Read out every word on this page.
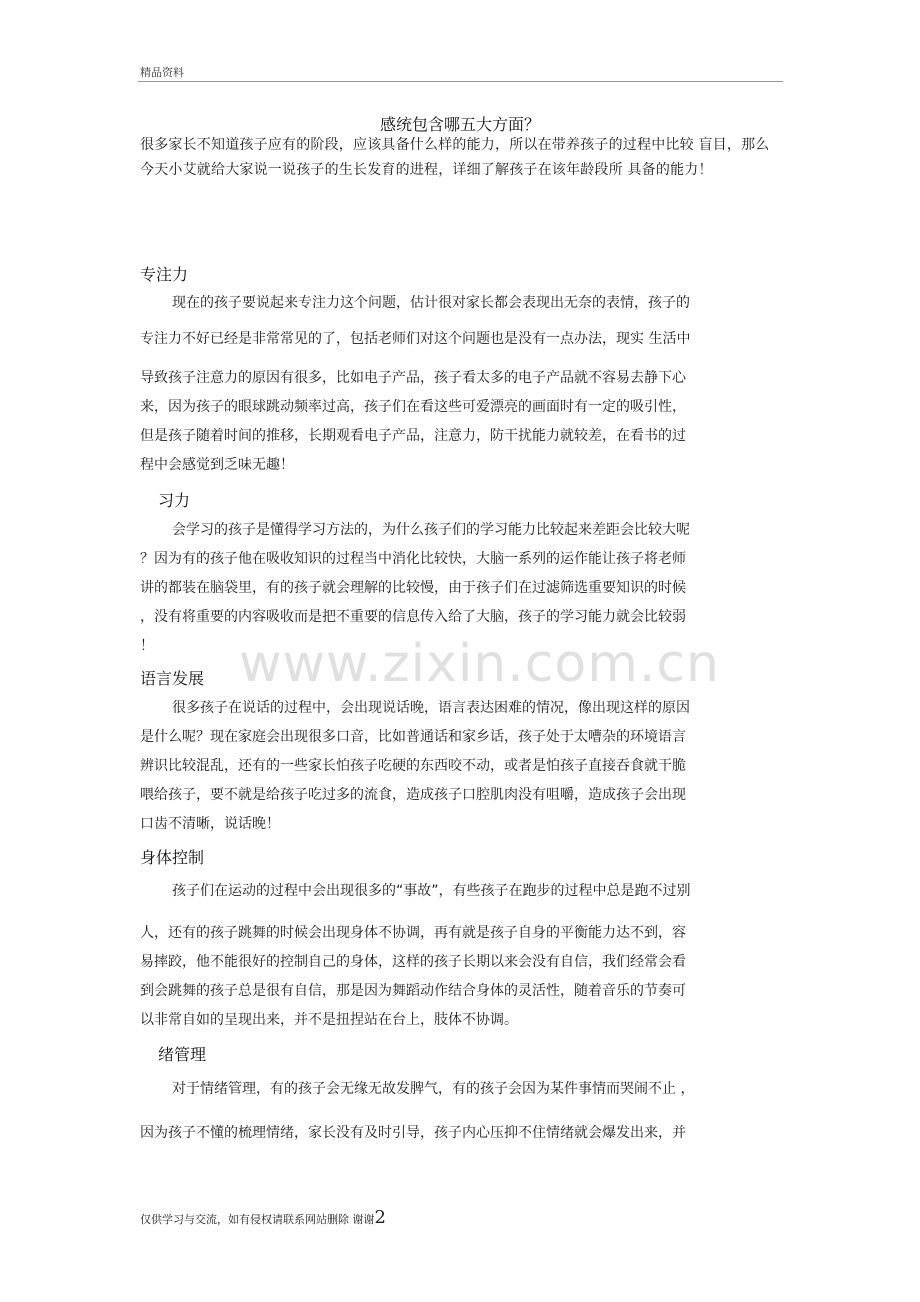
精品资料
感统包含哪五大方面？
很多家长不知道孩子应有的阶段，应该具备什么样的能力，所以在带养孩子的过程中比较 盲目，那么今天小艾就给大家说一说孩子的生长发育的进程，详细了解孩子在该年龄段所 具备的能力！
专注力
现在的孩子要说起来专注力这个问题，估计很对家长都会表现出无奈的表情，孩子的
专注力不好已经是非常常见的了，包括老师们对这个问题也是没有一点办法，现实 生活中
导致孩子注意力的原因有很多，比如电子产品，孩子看太多的电子产品就不容易去静下心
来，因为孩子的眼球跳动频率过高，孩子们在看这些可爱漂亮的画面时有一定的吸引性，
但是孩子随着时间的推移，长期观看电子产品，注意力，防干扰能力就较差，在看书的过
程中会感觉到乏味无趣！
习力
会学习的孩子是懂得学习方法的，为什么孩子们的学习能力比较起来差距会比较大呢
？因为有的孩子他在吸收知识的过程当中消化比较快，大脑一系列的运作能让孩子将老师
讲的都装在脑袋里，有的孩子就会理解的比较慢，由于孩子们在过滤筛选重要知识的时候
，没有将重要的内容吸收而是把不重要的信息传入给了大脑，孩子的学习能力就会比较弱
！	www.zixin.com.cn
语言发展
很多孩子在说话的过程中，会出现说话晚，语言表达困难的情况，像出现这样的原因
是什么呢？现在家庭会出现很多口音，比如普通话和家乡话，孩子处于太嘈杂的环境语言
辨识比较混乱，还有的一些家长怕孩子吃硬的东西咬不动，或者是怕孩子直接吞食就干脆
喂给孩子，要不就是给孩子吃过多的流食，造成孩子口腔肌肉没有咀嚼，造成孩子会出现
口齿不清晰，说话晚！
身体控制
孩子们在运动的过程中会出现很多的“事故”，有些孩子在跑步的过程中总是跑不过别
人，还有的孩子跳舞的时候会出现身体不协调，再有就是孩子自身的平衡能力达不到，容
易摔跤，他不能很好的控制自己的身体，这样的孩子长期以来会没有自信，我们经常会看
到会跳舞的孩子总是很有自信，那是因为舞蹈动作结合身体的灵活性，随着音乐的节奏可
以非常自如的呈现出来，并不是扭捏站在台上，肢体不协调。
绪管理
对于情绪管理，有的孩子会无缘无故发脾气，有的孩子会因为某件事情而哭闹不止 ，
因为孩子不懂的梳理情绪，家长没有及时引导，孩子内心压抑不住情绪就会爆发出来，并
仅供学习与交流，如有侵权请联系网站删除 谢谢2
